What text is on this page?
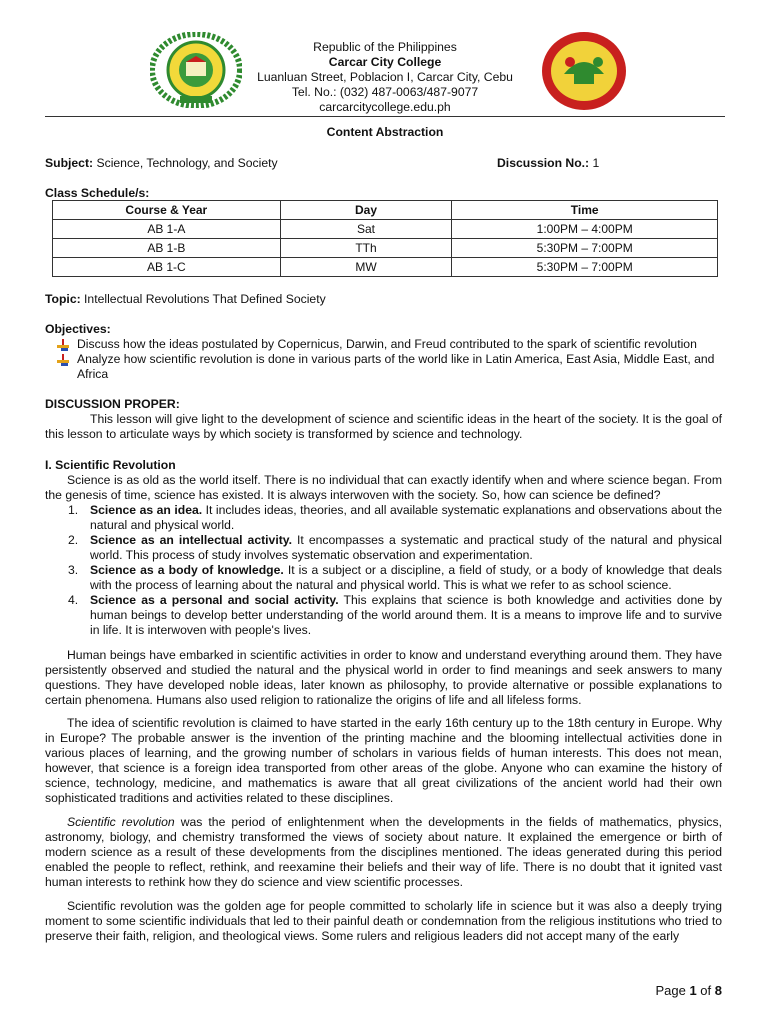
Republic of the Philippines
Carcar City College
Luanluan Street, Poblacion I, Carcar City, Cebu
Tel. No.: (032) 487-0063/487-9077
carcarcitycollege.edu.ph
Content Abstraction
Subject: Science, Technology, and Society	Discussion No.: 1
Class Schedule/s:
Course & Year	Day	Time
AB 1-A	Sat	1:00PM – 4:00PM
AB 1-B	TTh	5:30PM – 7:00PM
AB 1-C	MW	5:30PM – 7:00PM
Topic: Intellectual Revolutions That Defined Society
Objectives:
Discuss how the ideas postulated by Copernicus, Darwin, and Freud contributed to the spark of scientific revolution
Analyze how scientific revolution is done in various parts of the world like in Latin America, East Asia, Middle East, and Africa
DISCUSSION PROPER:
This lesson will give light to the development of science and scientific ideas in the heart of the society. It is the goal of this lesson to articulate ways by which society is transformed by science and technology.
I. Scientific Revolution
Science is as old as the world itself. There is no individual that can exactly identify when and where science began. From the genesis of time, science has existed. It is always interwoven with the society. So, how can science be defined?
1. Science as an idea. It includes ideas, theories, and all available systematic explanations and observations about the natural and physical world.
2. Science as an intellectual activity. It encompasses a systematic and practical study of the natural and physical world. This process of study involves systematic observation and experimentation.
3. Science as a body of knowledge. It is a subject or a discipline, a field of study, or a body of knowledge that deals with the process of learning about the natural and physical world. This is what we refer to as school science.
4. Science as a personal and social activity. This explains that science is both knowledge and activities done by human beings to develop better understanding of the world around them. It is a means to improve life and to survive in life. It is interwoven with people's lives.
Human beings have embarked in scientific activities in order to know and understand everything around them. They have persistently observed and studied the natural and the physical world in order to find meanings and seek answers to many questions. They have developed noble ideas, later known as philosophy, to provide alternative or possible explanations to certain phenomena. Humans also used religion to rationalize the origins of life and all lifeless forms.
The idea of scientific revolution is claimed to have started in the early 16th century up to the 18th century in Europe. Why in Europe? The probable answer is the invention of the printing machine and the blooming intellectual activities done in various places of learning, and the growing number of scholars in various fields of human interests. This does not mean, however, that science is a foreign idea transported from other areas of the globe. Anyone who can examine the history of science, technology, medicine, and mathematics is aware that all great civilizations of the ancient world had their own sophisticated traditions and activities related to these disciplines.
Scientific revolution was the period of enlightenment when the developments in the fields of mathematics, physics, astronomy, biology, and chemistry transformed the views of society about nature. It explained the emergence or birth of modern science as a result of these developments from the disciplines mentioned. The ideas generated during this period enabled the people to reflect, rethink, and reexamine their beliefs and their way of life. There is no doubt that it ignited vast human interests to rethink how they do science and view scientific processes.
Scientific revolution was the golden age for people committed to scholarly life in science but it was also a deeply trying moment to some scientific individuals that led to their painful death or condemnation from the religious institutions who tried to preserve their faith, religion, and theological views. Some rulers and religious leaders did not accept many of the early
Page 1 of 8
